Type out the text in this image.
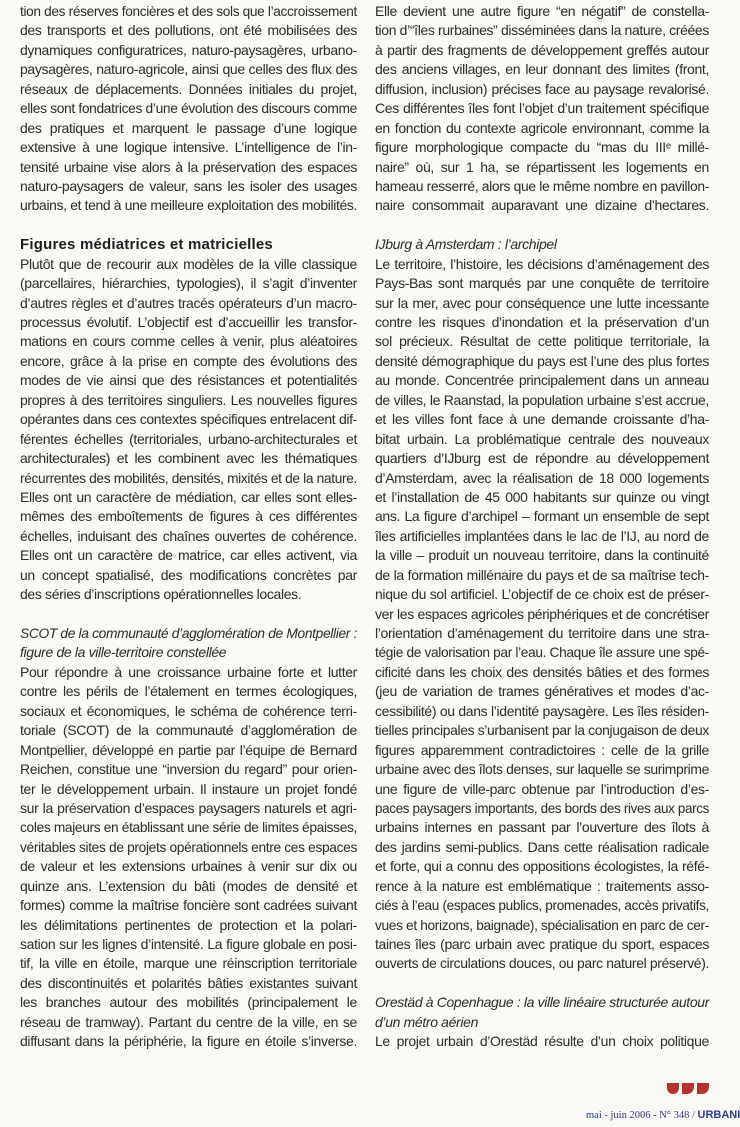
tion des réserves foncières et des sols que l’accroissement
des transports et des pollutions, ont été mobilisées des
dynamiques configuratrices, naturo-paysagères, urbano-
paysagères, naturo-agricole, ainsi que celles des flux des
réseaux de déplacements. Données initiales du projet,
elles sont fondatrices d’une évolution des discours comme
des pratiques et marquent le passage d’une logique
extensive à une logique intensive. L’intelligence de l’in-
tensité urbaine vise alors à la préservation des espaces
naturo-paysagers de valeur, sans les isoler des usages
urbains, et tend à une meilleure exploitation des mobilités.
Figures médiatrices et matricielles
Plutôt que de recourir aux modèles de la ville classique
(parcellaires, hiérarchies, typologies), il s’agit d’inventer
d’autres règles et d’autres tracés opérateurs d’un macro-
processus évolutif. L’objectif est d’accueillir les transfor-
mations en cours comme celles à venir, plus aléatoires
encore, grâce à la prise en compte des évolutions des
modes de vie ainsi que des résistances et potentialités
propres à des territoires singuliers. Les nouvelles figures
opérantes dans ces contextes spécifiques entrelacent dif-
férentes échelles (territoriales, urbano-architecturales et
architecturales) et les combinent avec les thématiques
récurrentes des mobilités, densités, mixités et de la nature.
Elles ont un caractère de médiation, car elles sont elles-
mêmes des emboîtements de figures à ces différentes
échelles, induisant des chaînes ouvertes de cohérence.
Elles ont un caractère de matrice, car elles activent, via
un concept spatialisé, des modifications concrètes par
des séries d’inscriptions opérationnelles locales.
SCOT de la communauté d’agglomération de Montpellier :
figure de la ville-territoire constellée
Pour répondre à une croissance urbaine forte et lutter
contre les périls de l’étalement en termes écologiques,
sociaux et économiques, le schéma de cohérence terri-
toriale (SCOT) de la communauté d’agglomération de
Montpellier, développé en partie par l’équipe de Bernard
Reichen, constitue une “inversion du regard” pour orien-
ter le développement urbain. Il instaure un projet fondé
sur la préservation d’espaces paysagers naturels et agri-
coles majeurs en établissant une série de limites épaisses,
véritables sites de projets opérationnels entre ces espaces
de valeur et les extensions urbaines à venir sur dix ou
quinze ans. L’extension du bâti (modes de densité et
formes) comme la maîtrise foncière sont cadrées suivant
les délimitations pertinentes de protection et la polari-
sation sur les lignes d’intensité. La figure globale en posi-
tif, la ville en étoile, marque une réinscription territoriale
des discontinuités et polarités bâties existantes suivant
les branches autour des mobilités (principalement le
réseau de tramway). Partant du centre de la ville, en se
diffusant dans la périphérie, la figure en étoile s’inverse.
Elle devient une autre figure “en négatif” de constella-
tion d’“îles rurbaines” disséminées dans la nature, créées
à partir des fragments de développement greffés autour
des anciens villages, en leur donnant des limites (front,
diffusion, inclusion) précises face au paysage revalorisé.
Ces différentes îles font l’objet d’un traitement spécifique
en fonction du contexte agricole environnant, comme la
figure morphologique compacte du “mas du IIIᵉ millé-
naire” où, sur 1 ha, se répartissent les logements en
hameau resserré, alors que le même nombre en pavillon-
naire consommait auparavant une dizaine d’hectares.
IJburg à Amsterdam : l’archipel
Le territoire, l’histoire, les décisions d’aménagement des
Pays-Bas sont marqués par une conquête de territoire
sur la mer, avec pour conséquence une lutte incessante
contre les risques d’inondation et la préservation d’un
sol précieux. Résultat de cette politique territoriale, la
densité démographique du pays est l’une des plus fortes
au monde. Concentrée principalement dans un anneau
de villes, le Raanstad, la population urbaine s’est accrue,
et les villes font face à une demande croissante d’ha-
bitat urbain. La problématique centrale des nouveaux
quartiers d’IJburg est de répondre au développement
d’Amsterdam, avec la réalisation de 18 000 logements
et l’installation de 45 000 habitants sur quinze ou vingt
ans. La figure d’archipel – formant un ensemble de sept
îles artificielles implantées dans le lac de l’IJ, au nord de
la ville – produit un nouveau territoire, dans la continuité
de la formation millénaire du pays et de sa maîtrise tech-
nique du sol artificiel. L’objectif de ce choix est de préser-
ver les espaces agricoles périphériques et de concrétiser
l’orientation d’aménagement du territoire dans une stra-
tégie de valorisation par l’eau. Chaque île assure une spé-
cificité dans les choix des densités bâties et des formes
(jeu de variation de trames génératives et modes d’ac-
cessibilité) ou dans l’identité paysagère. Les îles résiden-
tielles principales s’urbanisent par la conjugaison de deux
figures apparemment contradictoires : celle de la grille
urbaine avec des îlots denses, sur laquelle se surimprime
une figure de ville-parc obtenue par l’introduction d’es-
paces paysagers importants, des bords des rives aux parcs
urbains internes en passant par l’ouverture des îlots à
des jardins semi-publics. Dans cette réalisation radicale
et forte, qui a connu des oppositions écologistes, la réfé-
rence à la nature est emblématique : traitements asso-
ciés à l’eau (espaces publics, promenades, accès privatifs,
vues et horizons, baignade), spécialisation en parc de cer-
taines îles (parc urbain avec pratique du sport, espaces
ouverts de circulations douces, ou parc naturel préservé).
Orestäd à Copenhague : la ville linéaire structurée autour
d’un métro aérien
Le projet urbain d’Orestäd résulte d’un choix politique
mai - juin 2006 - N° 348 / URBANI
